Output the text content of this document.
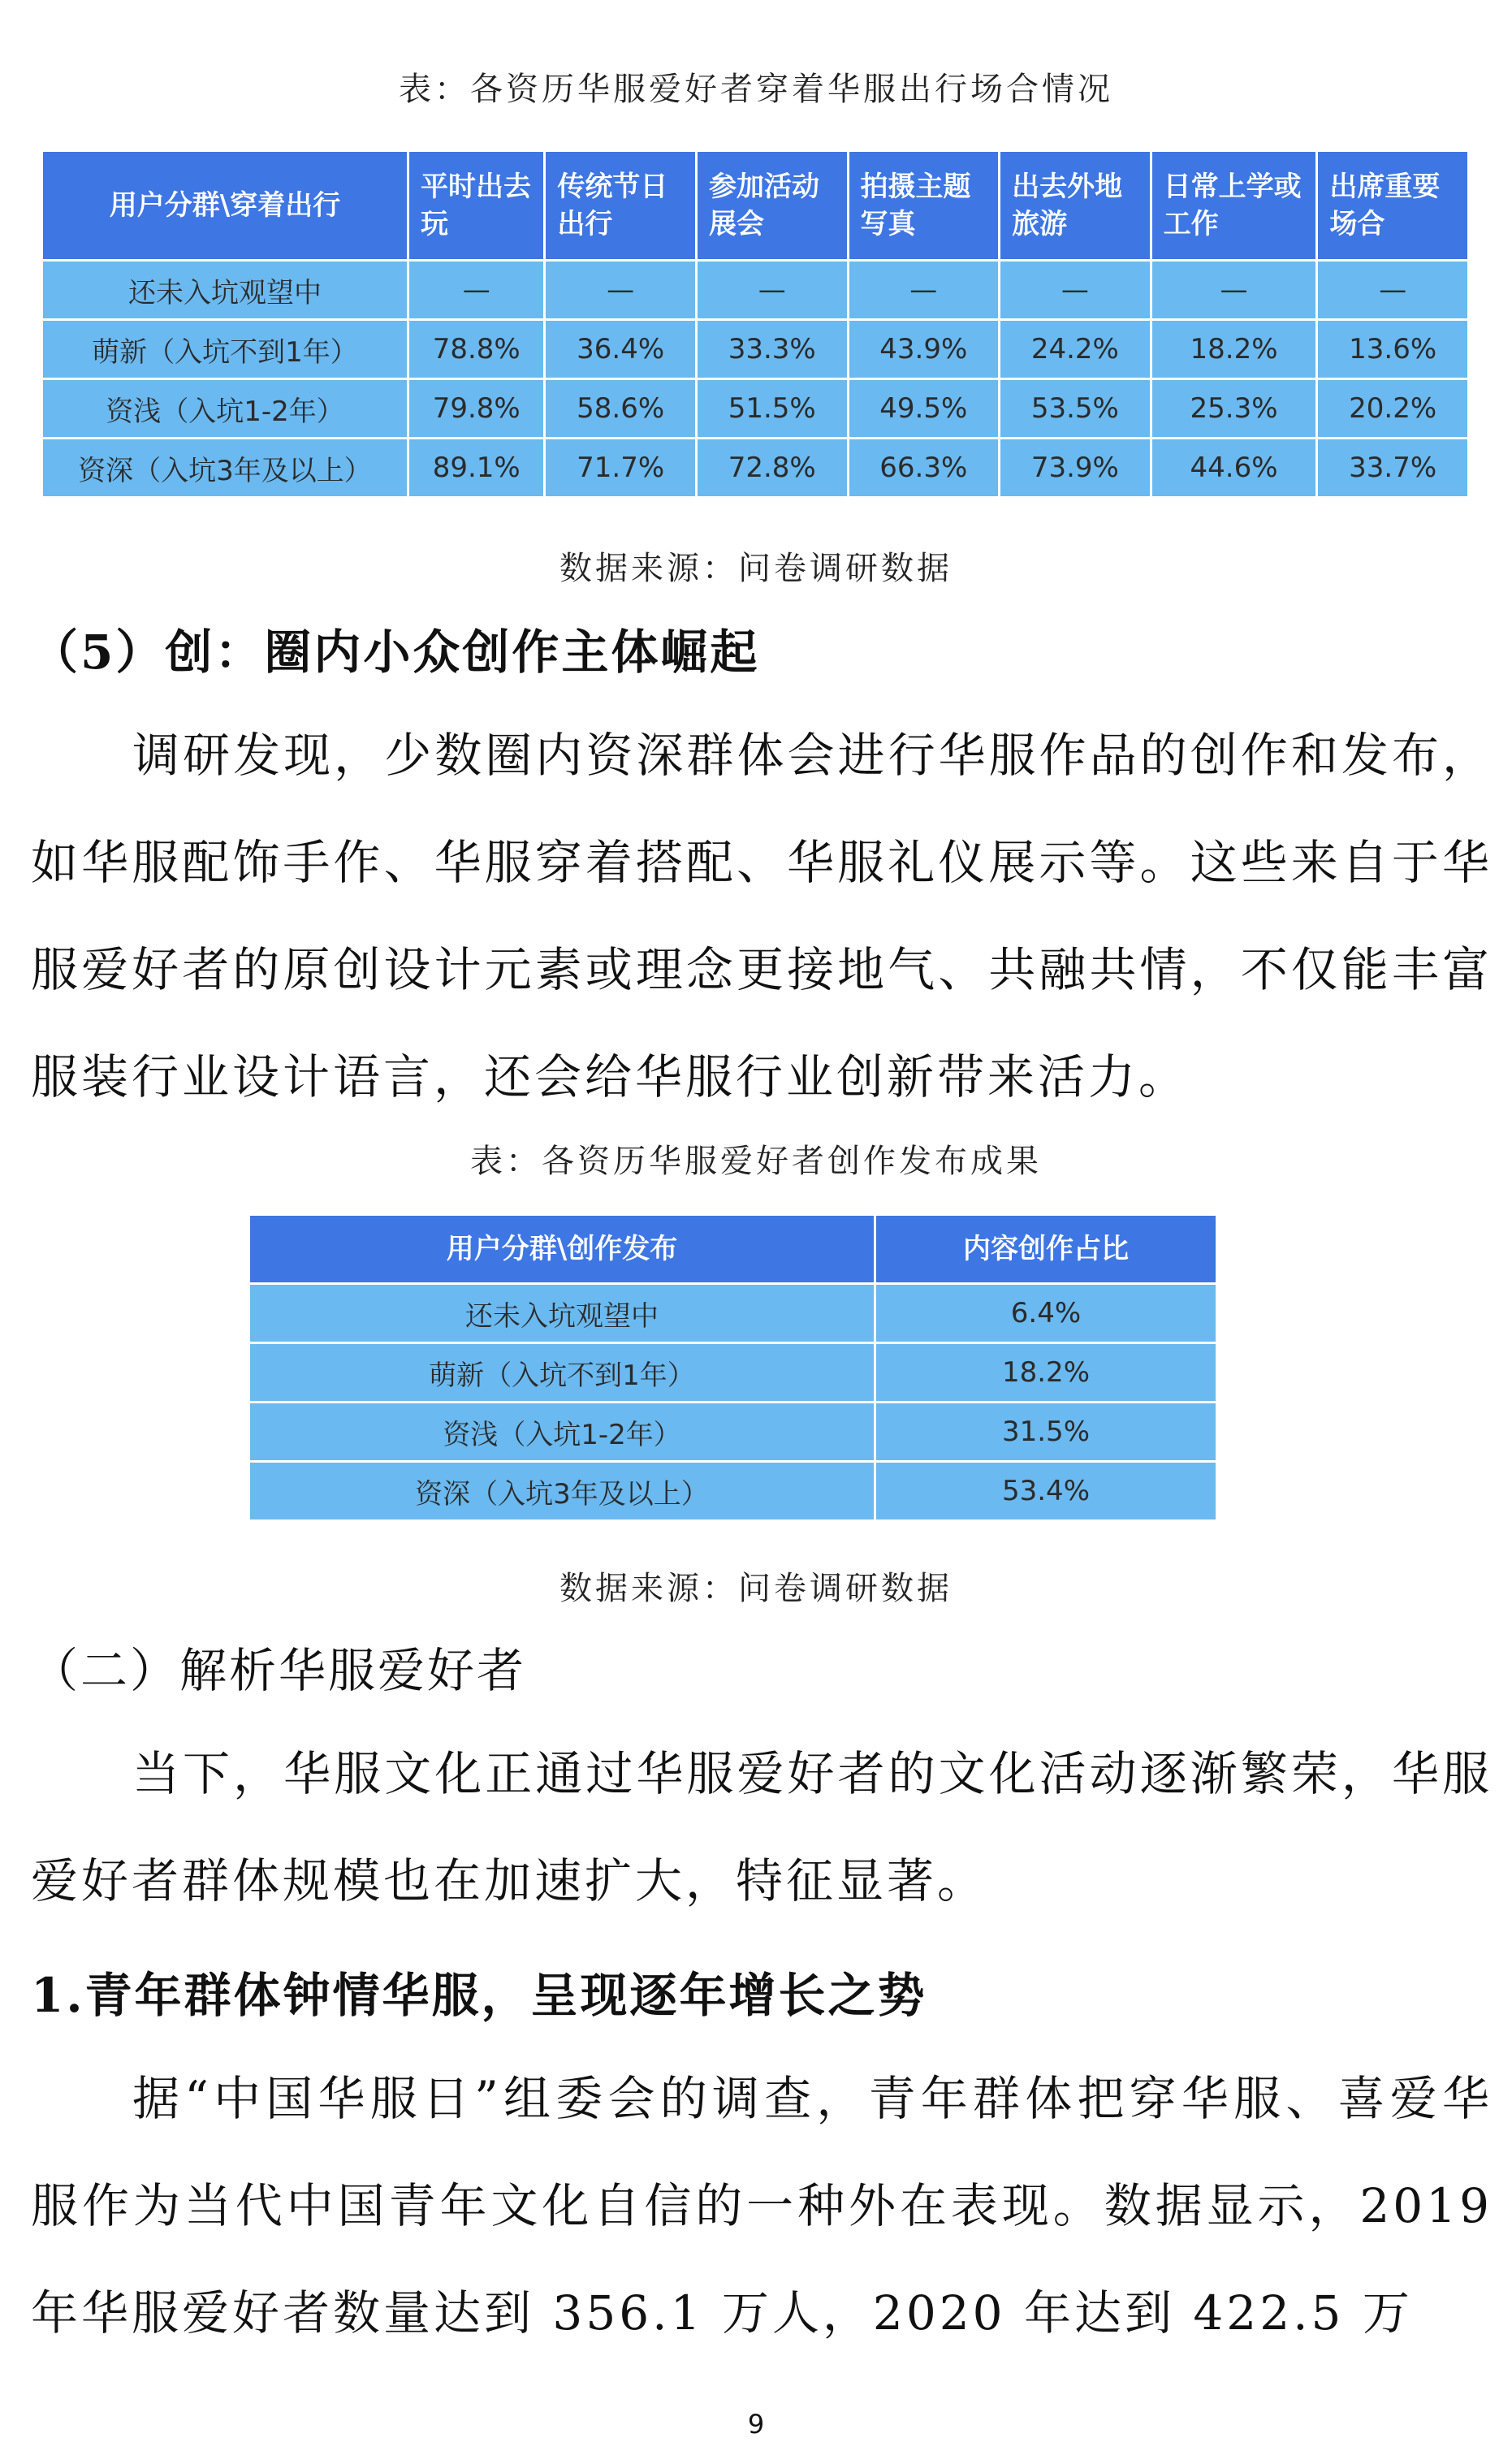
表：各资历华服爱好者穿着华服出行场合情况
用户分群\穿着出行	平时出去玩	传统节日出行	参加活动展会	拍摄主题写真	出去外地旅游	日常上学或工作	出席重要场合
还未入坑观望中	—	—	—	—	—	—	—
萌新（入坑不到1年）	78.8%	36.4%	33.3%	43.9%	24.2%	18.2%	13.6%
资浅（入坑1-2年）	79.8%	58.6%	51.5%	49.5%	53.5%	25.3%	20.2%
资深（入坑3年及以上）	89.1%	71.7%	72.8%	66.3%	73.9%	44.6%	33.7%
数据来源：问卷调研数据
（5）创：圈内小众创作主体崛起

调研发现，少数圈内资深群体会进行华服作品的创作和发布，如华服配饰手作、华服穿着搭配、华服礼仪展示等。这些来自于华服爱好者的原创设计元素或理念更接地气、共融共情，不仅能丰富服装行业设计语言，还会给华服行业创新带来活力。

表：各资历华服爱好者创作发布成果
用户分群\创作发布	内容创作占比
还未入坑观望中	6.4%
萌新（入坑不到1年）	18.2%
资浅（入坑1-2年）	31.5%
资深（入坑3年及以上）	53.4%
数据来源：问卷调研数据
（二）解析华服爱好者

当下，华服文化正通过华服爱好者的文化活动逐渐繁荣，华服爱好者群体规模也在加速扩大，特征显著。

1.青年群体钟情华服，呈现逐年增长之势

据“中国华服日”组委会的调查，青年群体把穿华服、喜爱华服作为当代中国青年文化自信的一种外在表现。数据显示，2019 年华服爱好者数量达到 356.1 万人，2020 年达到 422.5 万

9
